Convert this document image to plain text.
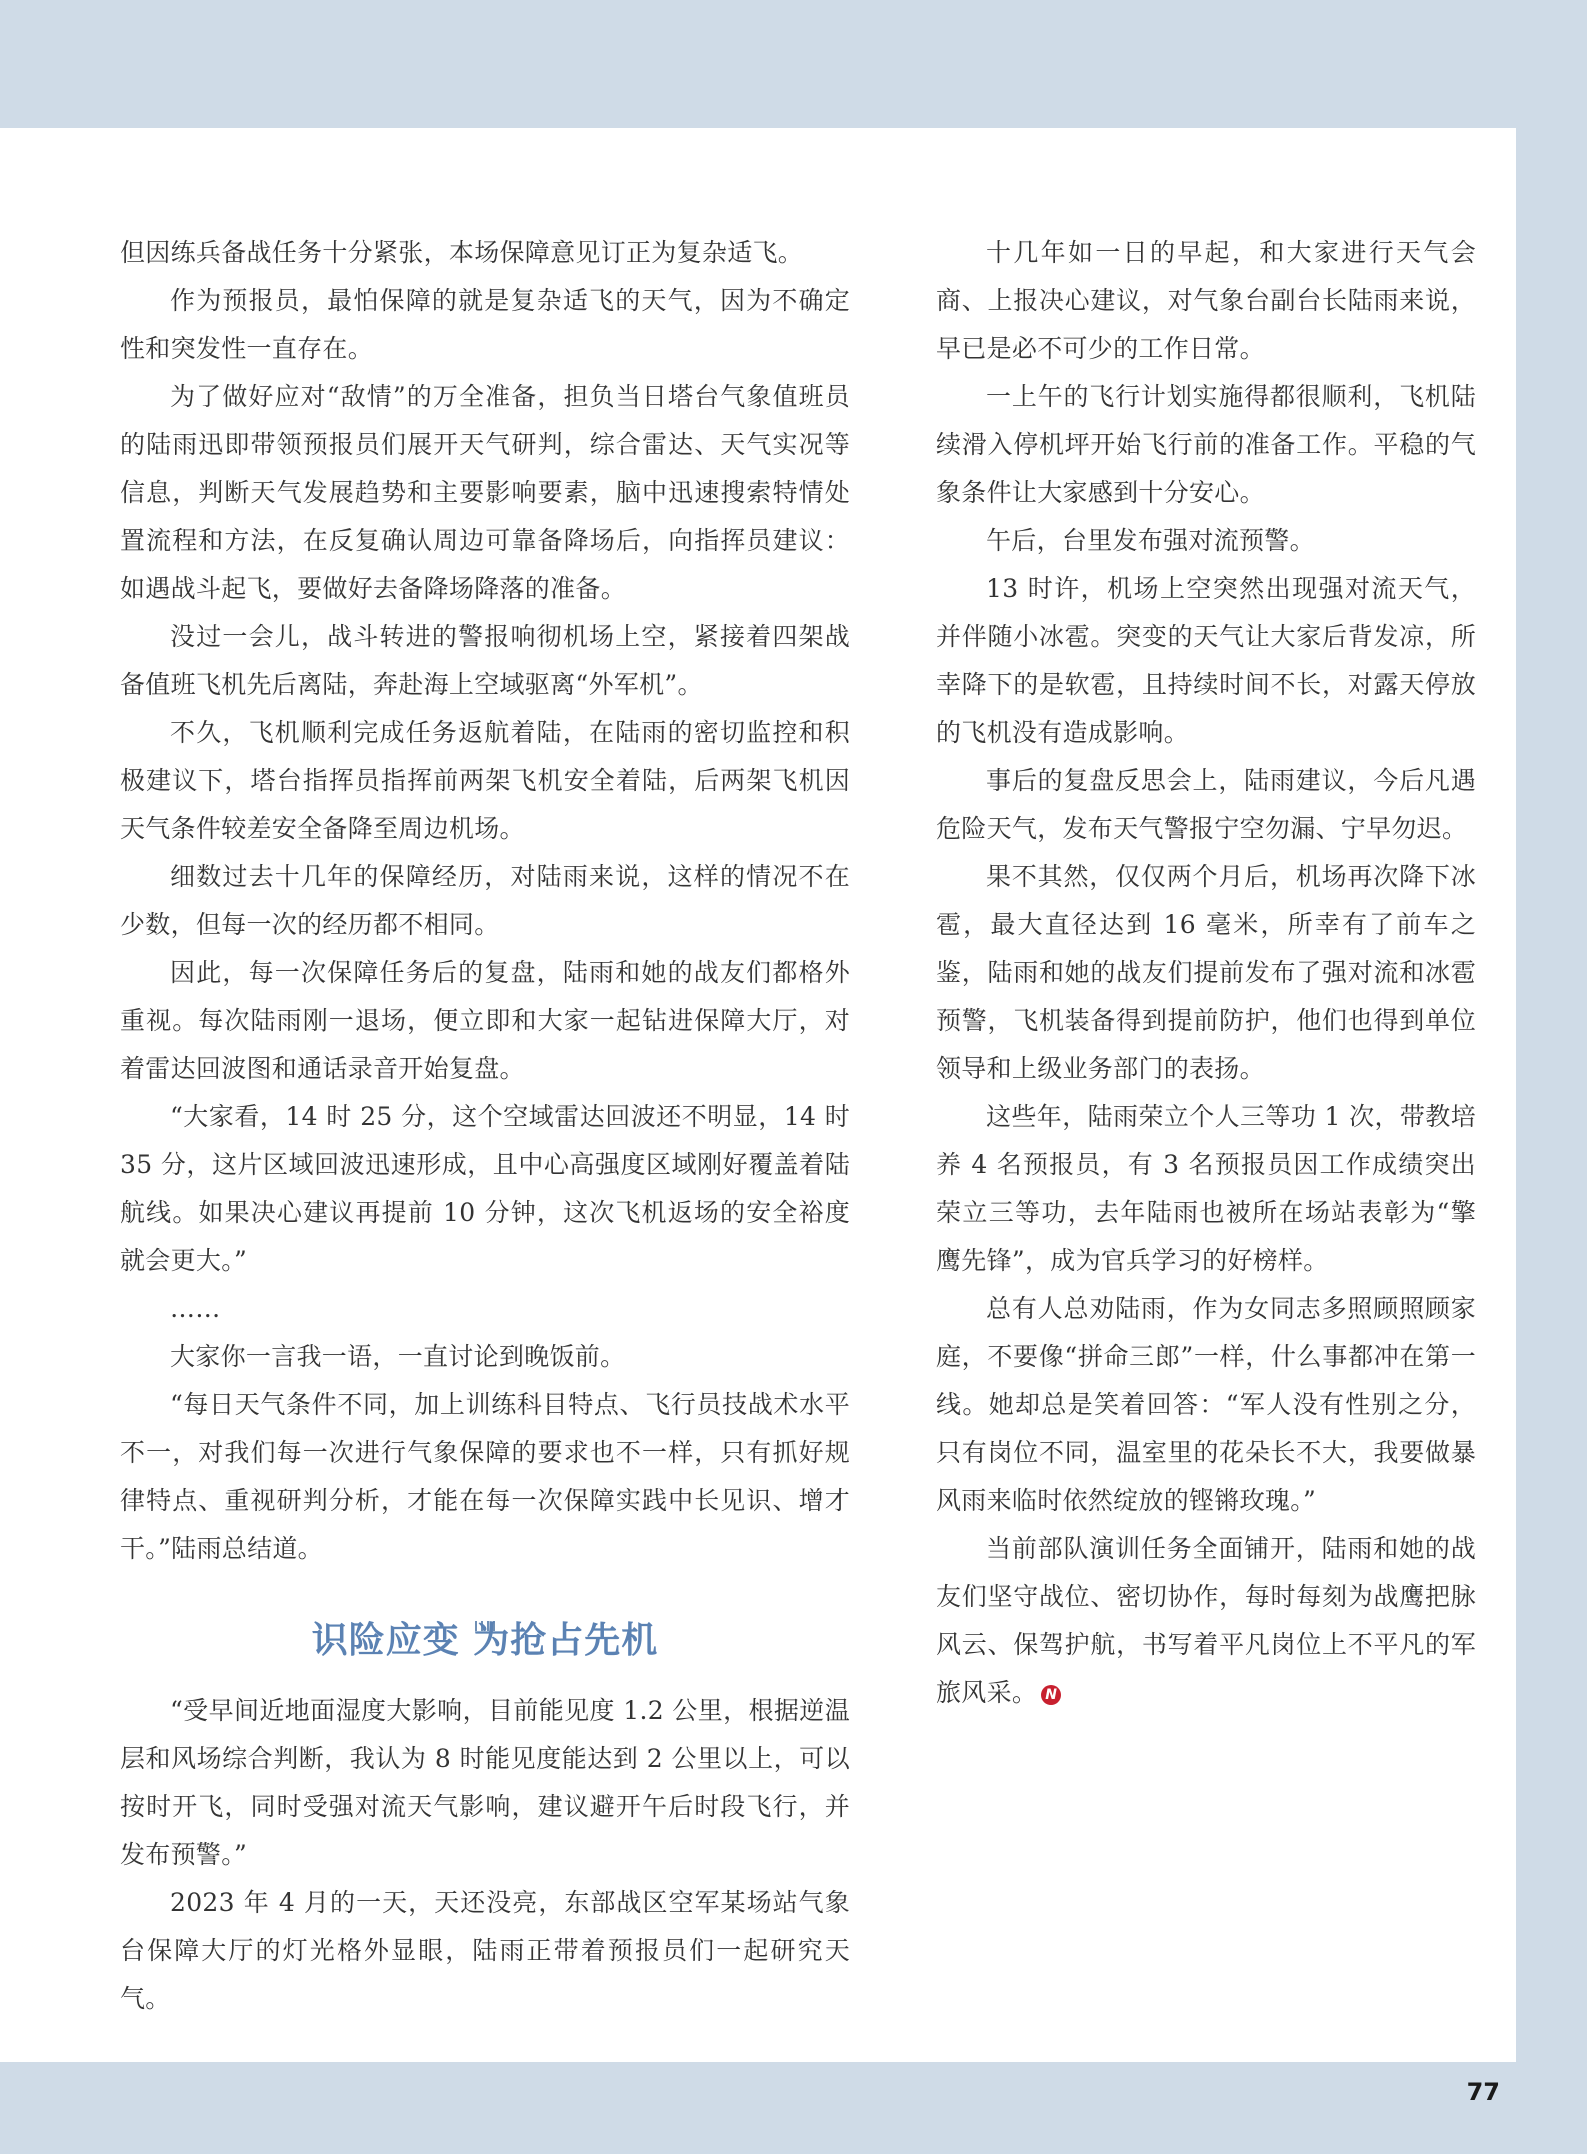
但因练兵备战任务十分紧张，本场保障意见订正为复杂适飞。

作为预报员，最怕保障的就是复杂适飞的天气，因为不确定性和突发性一直存在。

为了做好应对“敌情”的万全准备，担负当日塔台气象值班员的陆雨迅即带领预报员们展开天气研判，综合雷达、天气实况等信息，判断天气发展趋势和主要影响要素，脑中迅速搜索特情处置流程和方法，在反复确认周边可靠备降场后，向指挥员建议：如遇战斗起飞，要做好去备降场降落的准备。

没过一会儿，战斗转进的警报响彻机场上空，紧接着四架战备值班飞机先后离陆，奔赴海上空域驱离“外军机”。

不久，飞机顺利完成任务返航着陆，在陆雨的密切监控和积极建议下，塔台指挥员指挥前两架飞机安全着陆，后两架飞机因天气条件较差安全备降至周边机场。

细数过去十几年的保障经历，对陆雨来说，这样的情况不在少数，但每一次的经历都不相同。

因此，每一次保障任务后的复盘，陆雨和她的战友们都格外重视。每次陆雨刚一退场，便立即和大家一起钻进保障大厅，对着雷达回波图和通话录音开始复盘。

“大家看，14 时 25 分，这个空域雷达回波还不明显，14 时 35 分，这片区域回波迅速形成，且中心高强度区域刚好覆盖着陆航线。如果决心建议再提前 10 分钟，这次飞机返场的安全裕度就会更大。”

……

大家你一言我一语，一直讨论到晚饭前。

“每日天气条件不同，加上训练科目特点、飞行员技战术水平不一，对我们每一次进行气象保障的要求也不一样，只有抓好规律特点、重视研判分析，才能在每一次保障实践中长见识、增才干。”陆雨总结道。

识险应变 为抢占先机

“受早间近地面湿度大影响，目前能见度 1.2 公里，根据逆温层和风场综合判断，我认为 8 时能见度能达到 2 公里以上，可以按时开飞，同时受强对流天气影响，建议避开午后时段飞行，并发布预警。”

2023 年 4 月的一天，天还没亮，东部战区空军某场站气象台保障大厅的灯光格外显眼，陆雨正带着预报员们一起研究天气。

十几年如一日的早起，和大家进行天气会商、上报决心建议，对气象台副台长陆雨来说，早已是必不可少的工作日常。

一上午的飞行计划实施得都很顺利，飞机陆续滑入停机坪开始飞行前的准备工作。平稳的气象条件让大家感到十分安心。

午后，台里发布强对流预警。

13 时许，机场上空突然出现强对流天气，并伴随小冰雹。突变的天气让大家后背发凉，所幸降下的是软雹，且持续时间不长，对露天停放的飞机没有造成影响。

事后的复盘反思会上，陆雨建议，今后凡遇危险天气，发布天气警报宁空勿漏、宁早勿迟。

果不其然，仅仅两个月后，机场再次降下冰雹，最大直径达到 16 毫米，所幸有了前车之鉴，陆雨和她的战友们提前发布了强对流和冰雹预警，飞机装备得到提前防护，他们也得到单位领导和上级业务部门的表扬。

这些年，陆雨荣立个人三等功 1 次，带教培养 4 名预报员，有 3 名预报员因工作成绩突出荣立三等功，去年陆雨也被所在场站表彰为“擎鹰先锋”，成为官兵学习的好榜样。

总有人总劝陆雨，作为女同志多照顾照顾家庭，不要像“拼命三郎”一样，什么事都冲在第一线。她却总是笑着回答：“军人没有性别之分，只有岗位不同，温室里的花朵长不大，我要做暴风雨来临时依然绽放的铿锵玫瑰。”

当前部队演训任务全面铺开，陆雨和她的战友们坚守战位、密切协作，每时每刻为战鹰把脉风云、保驾护航，书写着平凡岗位上不平凡的军旅风采。 N

77
